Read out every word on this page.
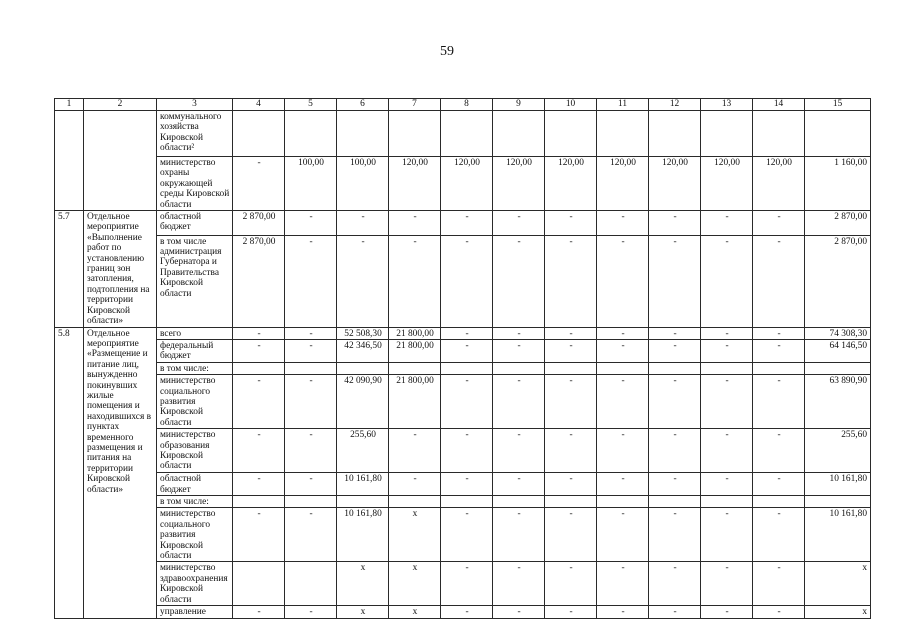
59
1	2	3	4	5	6	7	8	9	10	11	12	13	14	15
		коммунального хозяйства Кировской области²												
		министерство охраны окружающей среды Кировской области	-	100,00	100,00	120,00	120,00	120,00	120,00	120,00	120,00	120,00	120,00	1 160,00
5.7	Отдельное мероприятие «Выполнение работ по установлению границ зон затопления, подтопления на территории Кировской области»	областной бюджет	2 870,00	-	-	-	-	-	-	-	-	-	-	2 870,00
		в том числе администрация Губернатора и Правительства Кировской области	2 870,00	-	-	-	-	-	-	-	-	-	-	2 870,00
5.8	Отдельное мероприятие «Размещение и питание лиц, вынужденно покинувших жилые помещения и находившихся в пунктах временного размещения и питания на территории Кировской области»	всего	-	-	52 508,30	21 800,00	-	-	-	-	-	-	-	74 308,30
		федеральный бюджет	-	-	42 346,50	21 800,00	-	-	-	-	-	-	-	64 146,50
		в том числе:												
		министерство социального развития Кировской области	-	-	42 090,90	21 800,00	-	-	-	-	-	-	-	63 890,90
		министерство образования Кировской области	-	-	255,60	-	-	-	-	-	-	-	-	255,60
		областной бюджет	-	-	10 161,80	-	-	-	-	-	-	-	-	10 161,80
		в том числе:												
		министерство социального развития Кировской области	-	-	10 161,80	x	-	-	-	-	-	-	-	10 161,80
		министерство здравоохранения Кировской области			x	x	-	-	-	-	-	-	-	x
		управление	-	-	x	x	-	-	-	-	-	-	-	x
